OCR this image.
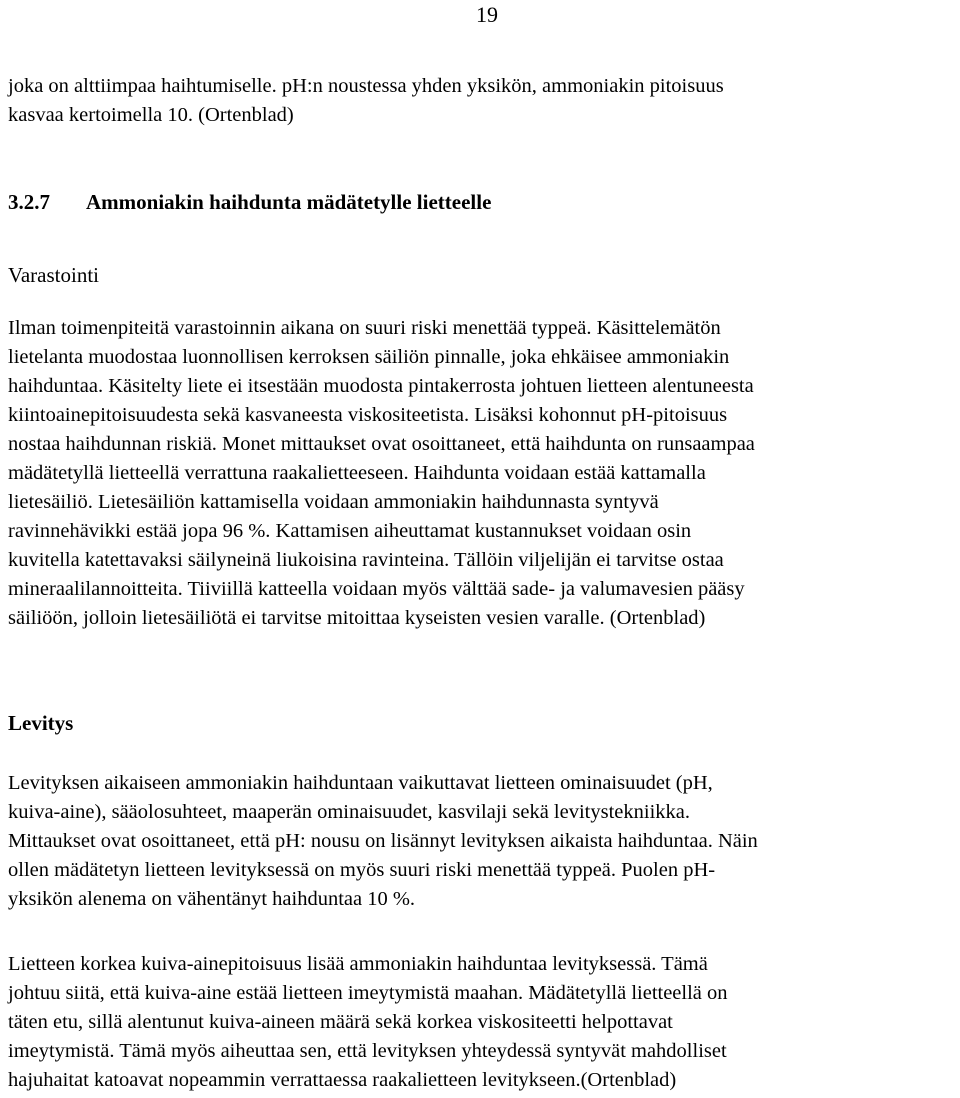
19

joka on alttiimpaa haihtumiselle. pH:n noustessa yhden yksikön, ammoniakin pitoisuus
kasvaa kertoimella 10. (Ortenblad)

3.2.7 Ammoniakin haihdunta mädätetylle lietteelle
Varastointi

Ilman toimenpiteitä varastoinnin aikana on suuri riski menettää typpeä. Käsittelemätön
lietelanta muodostaa luonnollisen kerroksen säiliön pinnalle, joka ehkäisee ammoniakin
haihduntaa. Käsitelty liete ei itsestään muodosta pintakerrosta johtuen lietteen alentuneesta
kiintoainepitoisuudesta sekä kasvaneesta viskositeetista. Lisäksi kohonnut pH-pitoisuus
nostaa haihdunnan riskiä. Monet mittaukset ovat osoittaneet, että haihdunta on runsaampaa
mädätetyllä lietteellä verrattuna raakalietteeseen. Haihdunta voidaan estää kattamalla
lietesäiliö. Lietesäiliön kattamisella voidaan ammoniakin haihdunnasta syntyvä
ravinnehävikki estää jopa 96 %. Kattamisen aiheuttamat kustannukset voidaan osin
kuvitella katettavaksi säilyneinä liukoisina ravinteina. Tällöin viljelijän ei tarvitse ostaa
mineraalilannoitteita. Tiiviillä katteella voidaan myös välttää sade- ja valumavesien pääsy
säiliöön, jolloin lietesäiliötä ei tarvitse mitoittaa kyseisten vesien varalle. (Ortenblad)

Levitys

Levityksen aikaiseen ammoniakin haihduntaan vaikuttavat lietteen ominaisuudet (pH,
kuiva-aine), sääolosuhteet, maaperän ominaisuudet, kasvilaji sekä levitystekniikka.
Mittaukset ovat osoittaneet, että pH: nousu on lisännyt levityksen aikaista haihduntaa. Näin
ollen mädätetyn lietteen levityksessä on myös suuri riski menettää typpeä. Puolen pH-
yksikön alenema on vähentänyt haihduntaa 10 %.

Lietteen korkea kuiva-ainepitoisuus lisää ammoniakin haihduntaa levityksessä. Tämä
johtuu siitä, että kuiva-aine estää lietteen imeytymistä maahan. Mädätetyllä lietteellä on
täten etu, sillä alentunut kuiva-aineen määrä sekä korkea viskositeetti helpottavat
imeytymistä. Tämä myös aiheuttaa sen, että levityksen yhteydessä syntyvät mahdolliset
hajuhaitat katoavat nopeammin verrattaessa raakalietteen levitykseen.(Ortenblad)
